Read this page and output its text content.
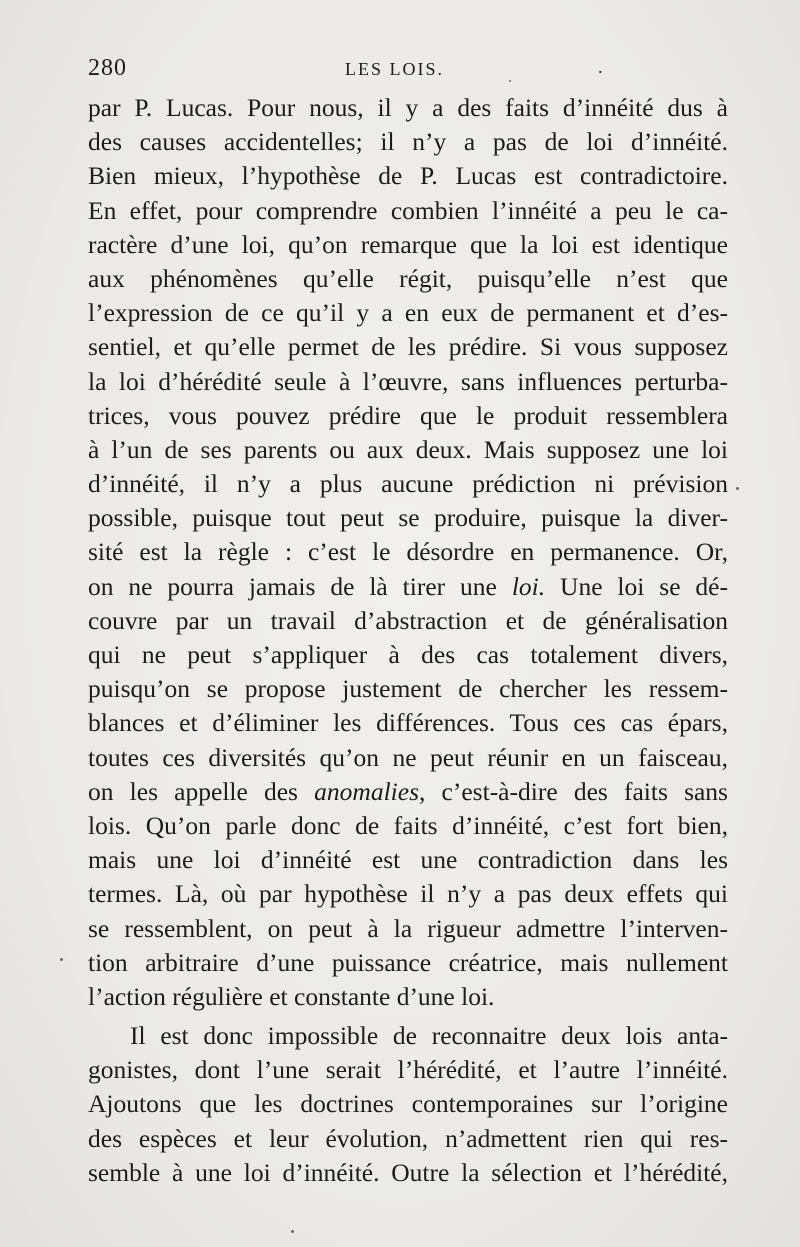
280	LES LOIS.	.
par P. Lucas. Pour nous, il y a des faits d’innéité dus à
des causes accidentelles; il n’y a pas de loi d’innéité.
Bien mieux, l’hypothèse de P. Lucas est contradictoire.
En effet, pour comprendre combien l’innéité a peu le ca-
ractère d’une loi, qu’on remarque que la loi est identique
aux phénomènes qu’elle régit, puisqu’elle n’est que
l’expression de ce qu’il y a en eux de permanent et d’es-
sentiel, et qu’elle permet de les prédire. Si vous supposez
la loi d’hérédité seule à l’œuvre, sans influences perturba-
trices, vous pouvez prédire que le produit ressemblera
à l’un de ses parents ou aux deux. Mais supposez une loi
d’innéité, il n’y a plus aucune prédiction ni prévision
possible, puisque tout peut se produire, puisque la diver-
sité est la règle : c’est le désordre en permanence. Or,
on ne pourra jamais de là tirer une loi. Une loi se dé-
couvre par un travail d’abstraction et de généralisation
qui ne peut s’appliquer à des cas totalement divers,
puisqu’on se propose justement de chercher les ressem-
blances et d’éliminer les différences. Tous ces cas épars,
toutes ces diversités qu’on ne peut réunir en un faisceau,
on les appelle des anomalies, c’est-à-dire des faits sans
lois. Qu’on parle donc de faits d’innéité, c’est fort bien,
mais une loi d’innéité est une contradiction dans les
termes. Là, où par hypothèse il n’y a pas deux effets qui
se ressemblent, on peut à la rigueur admettre l’interven-
tion arbitraire d’une puissance créatrice, mais nullement
l’action régulière et constante d’une loi.
Il est donc impossible de reconnaitre deux lois anta-
gonistes, dont l’une serait l’hérédité, et l’autre l’innéité.
Ajoutons que les doctrines contemporaines sur l’origine
des espèces et leur évolution, n’admettent rien qui res-
semble à une loi d’innéité. Outre la sélection et l’hérédité,
